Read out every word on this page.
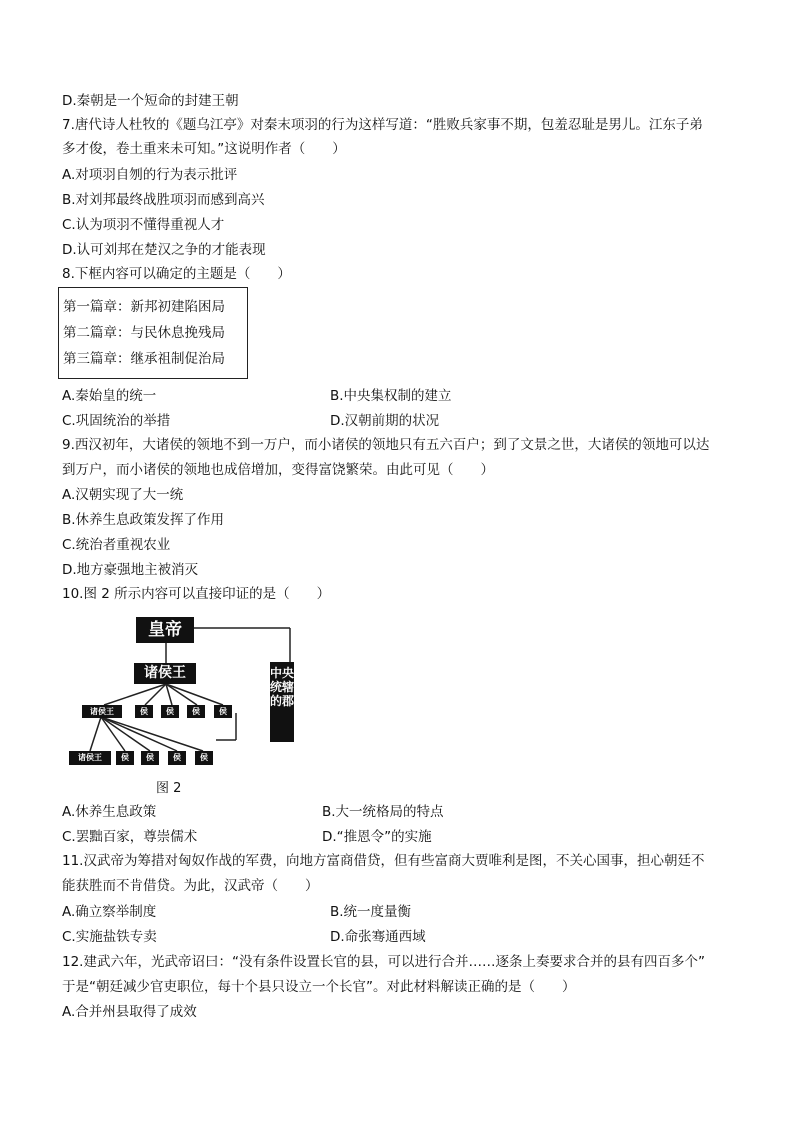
D.秦朝是一个短命的封建王朝
7.唐代诗人杜牧的《题乌江亭》对秦末项羽的行为这样写道：“胜败兵家事不期，包羞忍耻是男儿。江东子弟
多才俊，卷土重来未可知。”这说明作者（　　）
A.对项羽自刎的行为表示批评
B.对刘邦最终战胜项羽而感到高兴
C.认为项羽不懂得重视人才
D.认可刘邦在楚汉之争的才能表现
8.下框内容可以确定的主题是（　　）
第一篇章：新邦初建陷困局
第二篇章：与民休息挽残局
第三篇章：继承祖制促治局
A.秦始皇的统一	B.中央集权制的建立
C.巩固统治的举措	D.汉朝前期的状况
9.西汉初年，大诸侯的领地不到一万户，而小诸侯的领地只有五六百户；到了文景之世，大诸侯的领地可以达
到万户，而小诸侯的领地也成倍增加，变得富饶繁荣。由此可见（　　）
A.汉朝实现了大一统
B.休养生息政策发挥了作用
C.统治者重视农业
D.地方豪强地主被消灭
10.图 2 所示内容可以直接印证的是（　　）
皇帝
诸侯王	中央统辖的郡
诸侯王	侯	侯	侯	侯
诸侯王	侯	侯	侯	侯
图 2
A.休养生息政策	B.大一统格局的特点
C.罢黜百家，尊崇儒术	D.“推恩令”的实施
11.汉武帝为筹措对匈奴作战的军费，向地方富商借贷，但有些富商大贾唯利是图，不关心国事，担心朝廷不
能获胜而不肯借贷。为此，汉武帝（　　）
A.确立察举制度	B.统一度量衡
C.实施盐铁专卖	D.命张骞通西域
12.建武六年，光武帝诏曰：“没有条件设置长官的县，可以进行合并……逐条上奏要求合并的县有四百多个”
于是“朝廷减少官吏职位，每十个县只设立一个长官”。对此材料解读正确的是（　　）
A.合并州县取得了成效
